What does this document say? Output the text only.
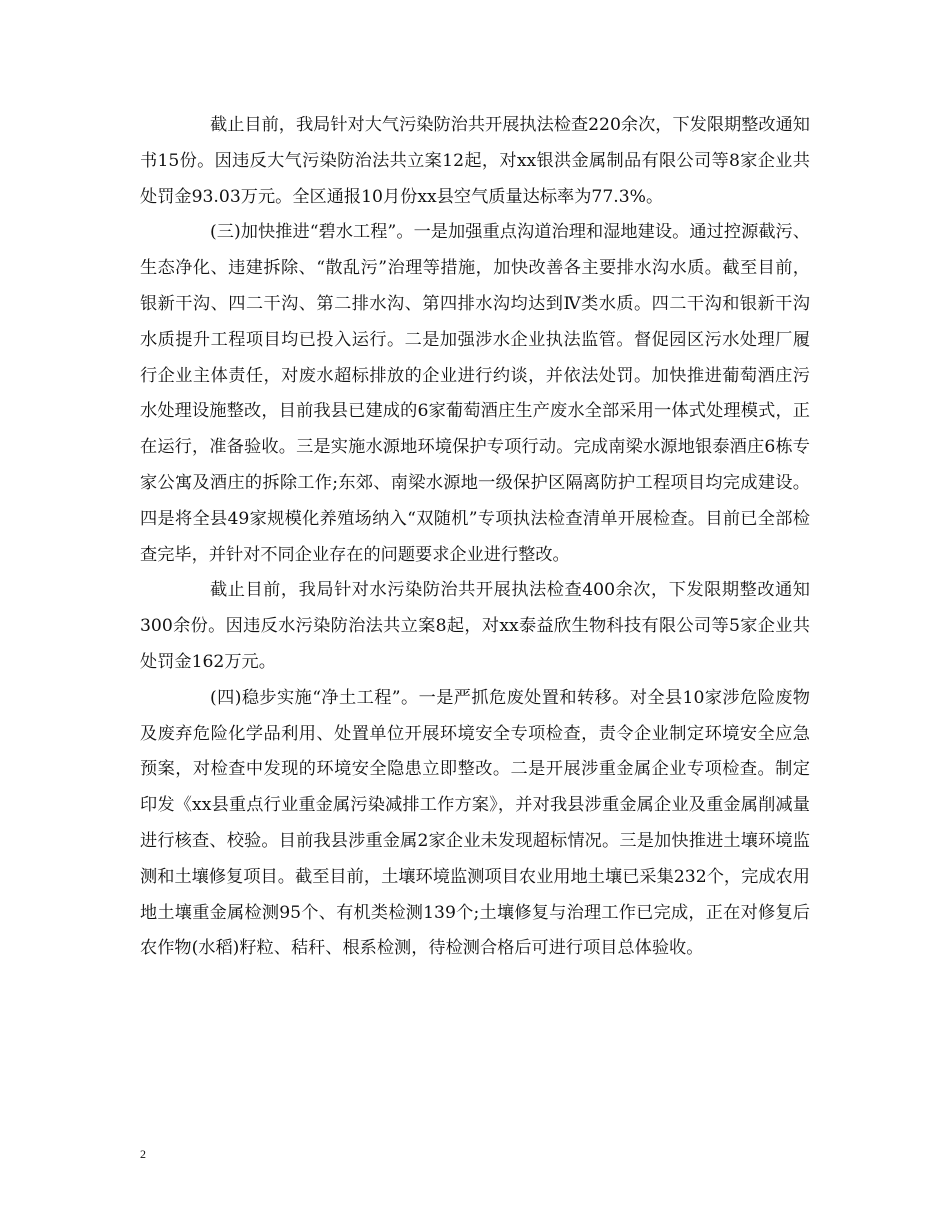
截止目前，我局针对大气污染防治共开展执法检查220余次，下发限期整改通知书15份。因违反大气污染防治法共立案12起，对xx银洪金属制品有限公司等8家企业共处罚金93.03万元。全区通报10月份xx县空气质量达标率为77.3%。

(三)加快推进“碧水工程”。一是加强重点沟道治理和湿地建设。通过控源截污、生态净化、违建拆除、“散乱污”治理等措施，加快改善各主要排水沟水质。截至目前，银新干沟、四二干沟、第二排水沟、第四排水沟均达到Ⅳ类水质。四二干沟和银新干沟水质提升工程项目均已投入运行。二是加强涉水企业执法监管。督促园区污水处理厂履行企业主体责任，对废水超标排放的企业进行约谈，并依法处罚。加快推进葡萄酒庄污水处理设施整改，目前我县已建成的6家葡萄酒庄生产废水全部采用一体式处理模式，正在运行，准备验收。三是实施水源地环境保护专项行动。完成南梁水源地银泰酒庄6栋专家公寓及酒庄的拆除工作;东郊、南梁水源地一级保护区隔离防护工程项目均完成建设。四是将全县49家规模化养殖场纳入“双随机”专项执法检查清单开展检查。目前已全部检查完毕，并针对不同企业存在的问题要求企业进行整改。

截止目前，我局针对水污染防治共开展执法检查400余次，下发限期整改通知300余份。因违反水污染防治法共立案8起，对xx泰益欣生物科技有限公司等5家企业共处罚金162万元。

(四)稳步实施“净土工程”。一是严抓危废处置和转移。对全县10家涉危险废物及废弃危险化学品利用、处置单位开展环境安全专项检查，责令企业制定环境安全应急预案，对检查中发现的环境安全隐患立即整改。二是开展涉重金属企业专项检查。制定印发《xx县重点行业重金属污染减排工作方案》，并对我县涉重金属企业及重金属削减量进行核查、校验。目前我县涉重金属2家企业未发现超标情况。三是加快推进土壤环境监测和土壤修复项目。截至目前，土壤环境监测项目农业用地土壤已采集232个，完成农用地土壤重金属检测95个、有机类检测139个;土壤修复与治理工作已完成，正在对修复后农作物(水稻)籽粒、秸秆、根系检测，待检测合格后可进行项目总体验收。

2
